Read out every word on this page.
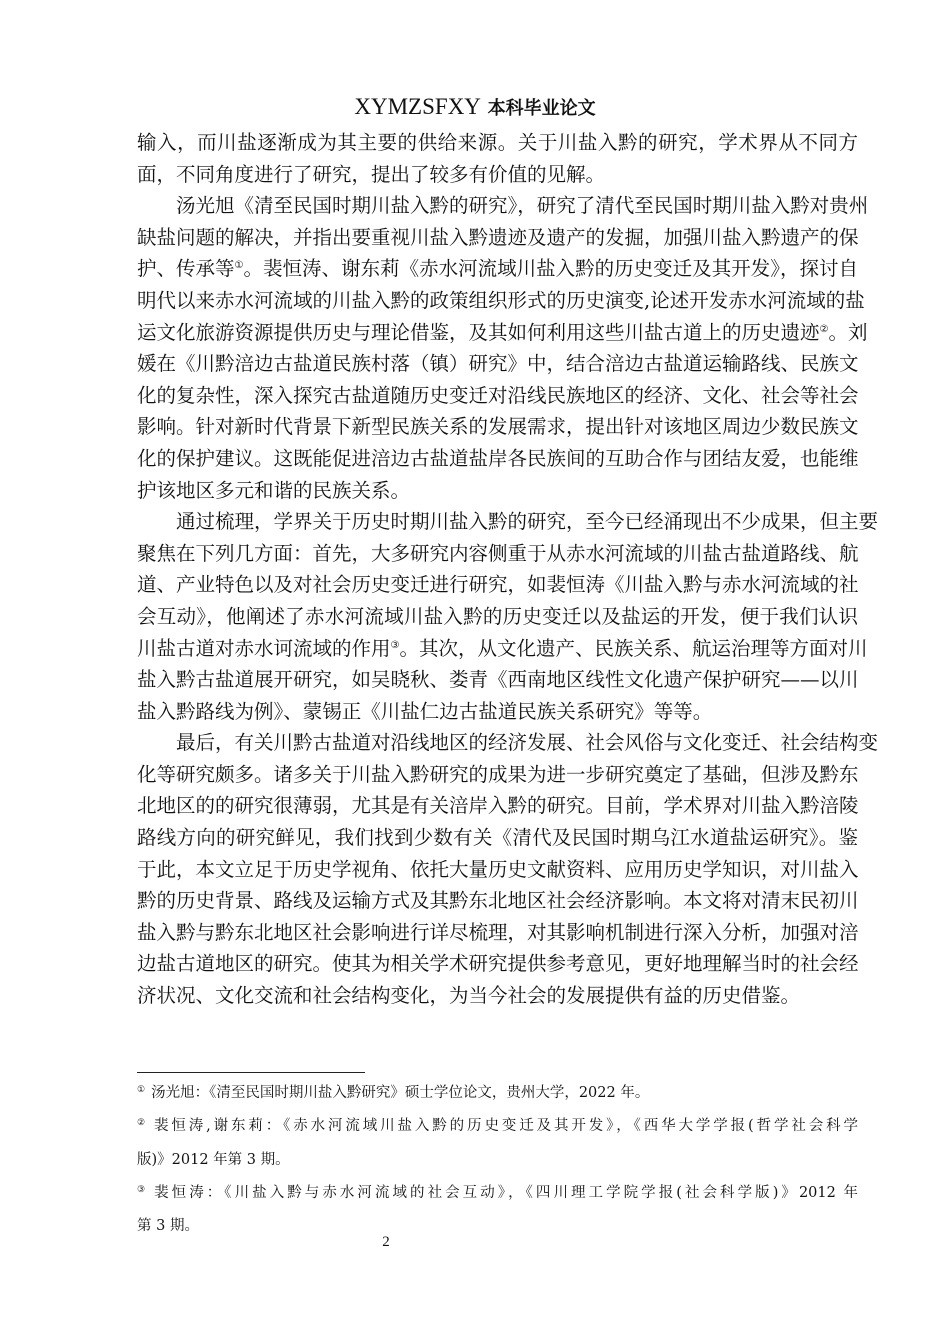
XYMZSFXY 本科毕业论文
输入，而川盐逐渐成为其主要的供给来源。关于川盐入黔的研究，学术界从不同方
面，不同角度进行了研究，提出了较多有价值的见解。
汤光旭《清至民国时期川盐入黔的研究》，研究了清代至民国时期川盐入黔对贵州
缺盐问题的解决，并指出要重视川盐入黔遗迹及遗产的发掘，加强川盐入黔遗产的保
护、传承等①。裴恒涛、谢东莉《赤水河流域川盐入黔的历史变迁及其开发》，探讨自
明代以来赤水河流域的川盐入黔的政策组织形式的历史演变,论述开发赤水河流域的盐
运文化旅游资源提供历史与理论借鉴，及其如何利用这些川盐古道上的历史遗迹②。刘
媛在《川黔涪边古盐道民族村落（镇）研究》中，结合涪边古盐道运输路线、民族文
化的复杂性，深入探究古盐道随历史变迁对沿线民族地区的经济、文化、社会等社会
影响。针对新时代背景下新型民族关系的发展需求，提出针对该地区周边少数民族文
化的保护建议。这既能促进涪边古盐道盐岸各民族间的互助合作与团结友爱，也能维
护该地区多元和谐的民族关系。
通过梳理，学界关于历史时期川盐入黔的研究，至今已经涌现出不少成果，但主要
聚焦在下列几方面：首先，大多研究内容侧重于从赤水河流域的川盐古盐道路线、航
道、产业特色以及对社会历史变迁进行研究，如裴恒涛《川盐入黔与赤水河流域的社
会互动》，他阐述了赤水河流域川盐入黔的历史变迁以及盐运的开发，便于我们认识
川盐古道对赤水诃流域的作用③。其次，从文化遗产、民族关系、航运治理等方面对川
盐入黔古盐道展开研究，如吴晓秋、娄青《西南地区线性文化遗产保护研究——以川
盐入黔路线为例》、蒙锡正《川盐仁边古盐道民族关系研究》等等。
最后，有关川黔古盐道对沿线地区的经济发展、社会风俗与文化变迁、社会结构变
化等研究颇多。诸多关于川盐入黔研究的成果为进一步研究奠定了基础，但涉及黔东
北地区的的研究很薄弱，尤其是有关涪岸入黔的研究。目前，学术界对川盐入黔涪陵
路线方向的研究鲜见，我们找到少数有关《清代及民国时期乌江水道盐运研究》。鉴
于此，本文立足于历史学视角、依托大量历史文献资料、应用历史学知识，对川盐入
黔的历史背景、路线及运输方式及其黔东北地区社会经济影响。本文将对清末民初川
盐入黔与黔东北地区社会影响进行详尽梳理，对其影响机制进行深入分析，加强对涪
边盐古道地区的研究。使其为相关学术研究提供参考意见，更好地理解当时的社会经
济状况、文化交流和社会结构变化，为当今社会的发展提供有益的历史借鉴。
① 汤光旭：《清至民国时期川盐入黔研究》硕士学位论文，贵州大学，2022 年。
② 裴恒涛,谢东莉：《赤水河流域川盐入黔的历史变迁及其开发》，《西华大学学报(哲学社会科学
版)》2012 年第 3 期。
③ 裴恒涛：《川盐入黔与赤水河流域的社会互动》，《四川理工学院学报(社会科学版)》2012 年
第 3 期。
2
